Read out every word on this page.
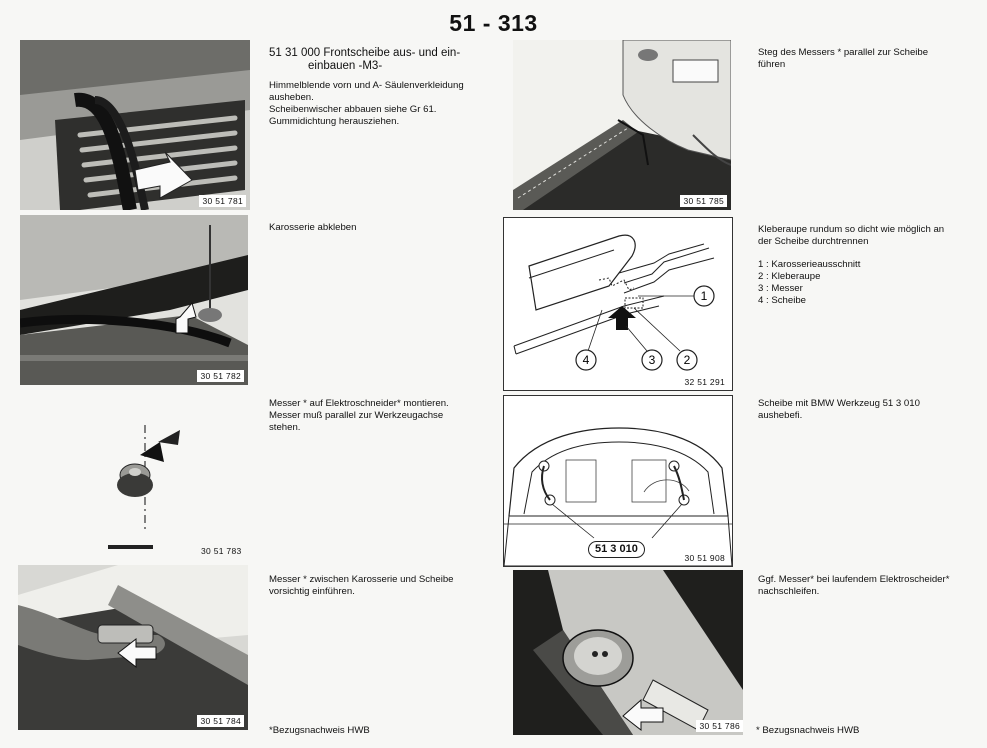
51 - 313
30 51 781
30 51 782
30 51 783
30 51 784

51 31 000 Frontscheibe aus- und ein-

einbauen -M3-

Himmelblende vorn und A- Säulenverkleidung

ausheben.

Scheibenwischer abbauen siehe Gr 61.

Gummidichtung herausziehen.

Karosserie abkleben

Messer * auf Elektroschneider* montieren.

Messer muß parallel zur Werkzeugachse

stehen.

Messer * zwischen Karosserie und Scheibe

vorsichtig einführen.

*Bezugsnachweis HWB
30 51 785
1
2
3
4
32 51 291
51 3 010
30 51 908
30 51 786

Steg des Messers * parallel zur Scheibe

führen

Kleberaupe rundum so dicht wie möglich an

der Scheibe durchtrennen

1 : Karosserieausschnitt

2 : Kleberaupe

3 : Messer

4 : Scheibe

Scheibe mit BMW Werkzeug 51 3 010

aushebefi.

Ggf. Messer* bei laufendem Elektroscheider*

nachschleifen.

* Bezugsnachweis HWB
